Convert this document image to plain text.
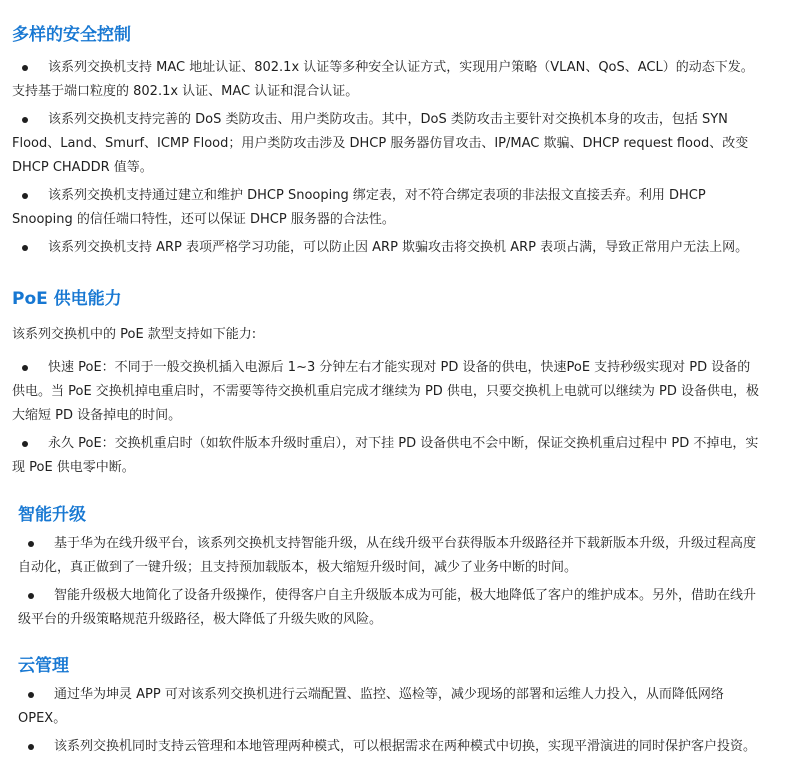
多样的安全控制
该系列交换机支持 MAC 地址认证、802.1x 认证等多种安全认证方式，实现用户策略（VLAN、QoS、ACL）的动态下发。支持基于端口粒度的 802.1x 认证、MAC 认证和混合认证。
该系列交换机支持完善的 DoS 类防攻击、用户类防攻击。其中，DoS 类防攻击主要针对交换机本身的攻击，包括 SYN Flood、Land、Smurf、ICMP Flood；用户类防攻击涉及 DHCP 服务器仿冒攻击、IP/MAC 欺骗、DHCP request flood、改变 DHCP CHADDR 值等。
该系列交换机支持通过建立和维护 DHCP Snooping 绑定表，对不符合绑定表项的非法报文直接丢弃。利用 DHCP Snooping 的信任端口特性，还可以保证 DHCP 服务器的合法性。
该系列交换机支持 ARP 表项严格学习功能，可以防止因 ARP 欺骗攻击将交换机 ARP 表项占满，导致正常用户无法上网。
PoE 供电能力

该系列交换机中的 PoE 款型支持如下能力:

快速 PoE：不同于一般交换机插入电源后 1~3 分钟左右才能实现对 PD 设备的供电，快速PoE 支持秒级实现对 PD 设备的供电。当 PoE 交换机掉电重启时，不需要等待交换机重启完成才继续为 PD 供电，只要交换机上电就可以继续为 PD 设备供电，极大缩短 PD 设备掉电的时间。
永久 PoE：交换机重启时（如软件版本升级时重启），对下挂 PD 设备供电不会中断，保证交换机重启过程中 PD 不掉电，实现 PoE 供电零中断。
智能升级
基于华为在线升级平台，该系列交换机支持智能升级，从在线升级平台获得版本升级路径并下载新版本升级，升级过程高度自动化，真正做到了一键升级；且支持预加载版本，极大缩短升级时间，减少了业务中断的时间。
智能升级极大地简化了设备升级操作，使得客户自主升级版本成为可能，极大地降低了客户的维护成本。另外，借助在线升级平台的升级策略规范升级路径，极大降低了升级失败的风险。
云管理
通过华为坤灵 APP 可对该系列交换机进行云端配置、监控、巡检等，减少现场的部署和运维人力投入，从而降低网络 OPEX。
该系列交换机同时支持云管理和本地管理两种模式，可以根据需求在两种模式中切换，实现平滑演进的同时保护客户投资。
